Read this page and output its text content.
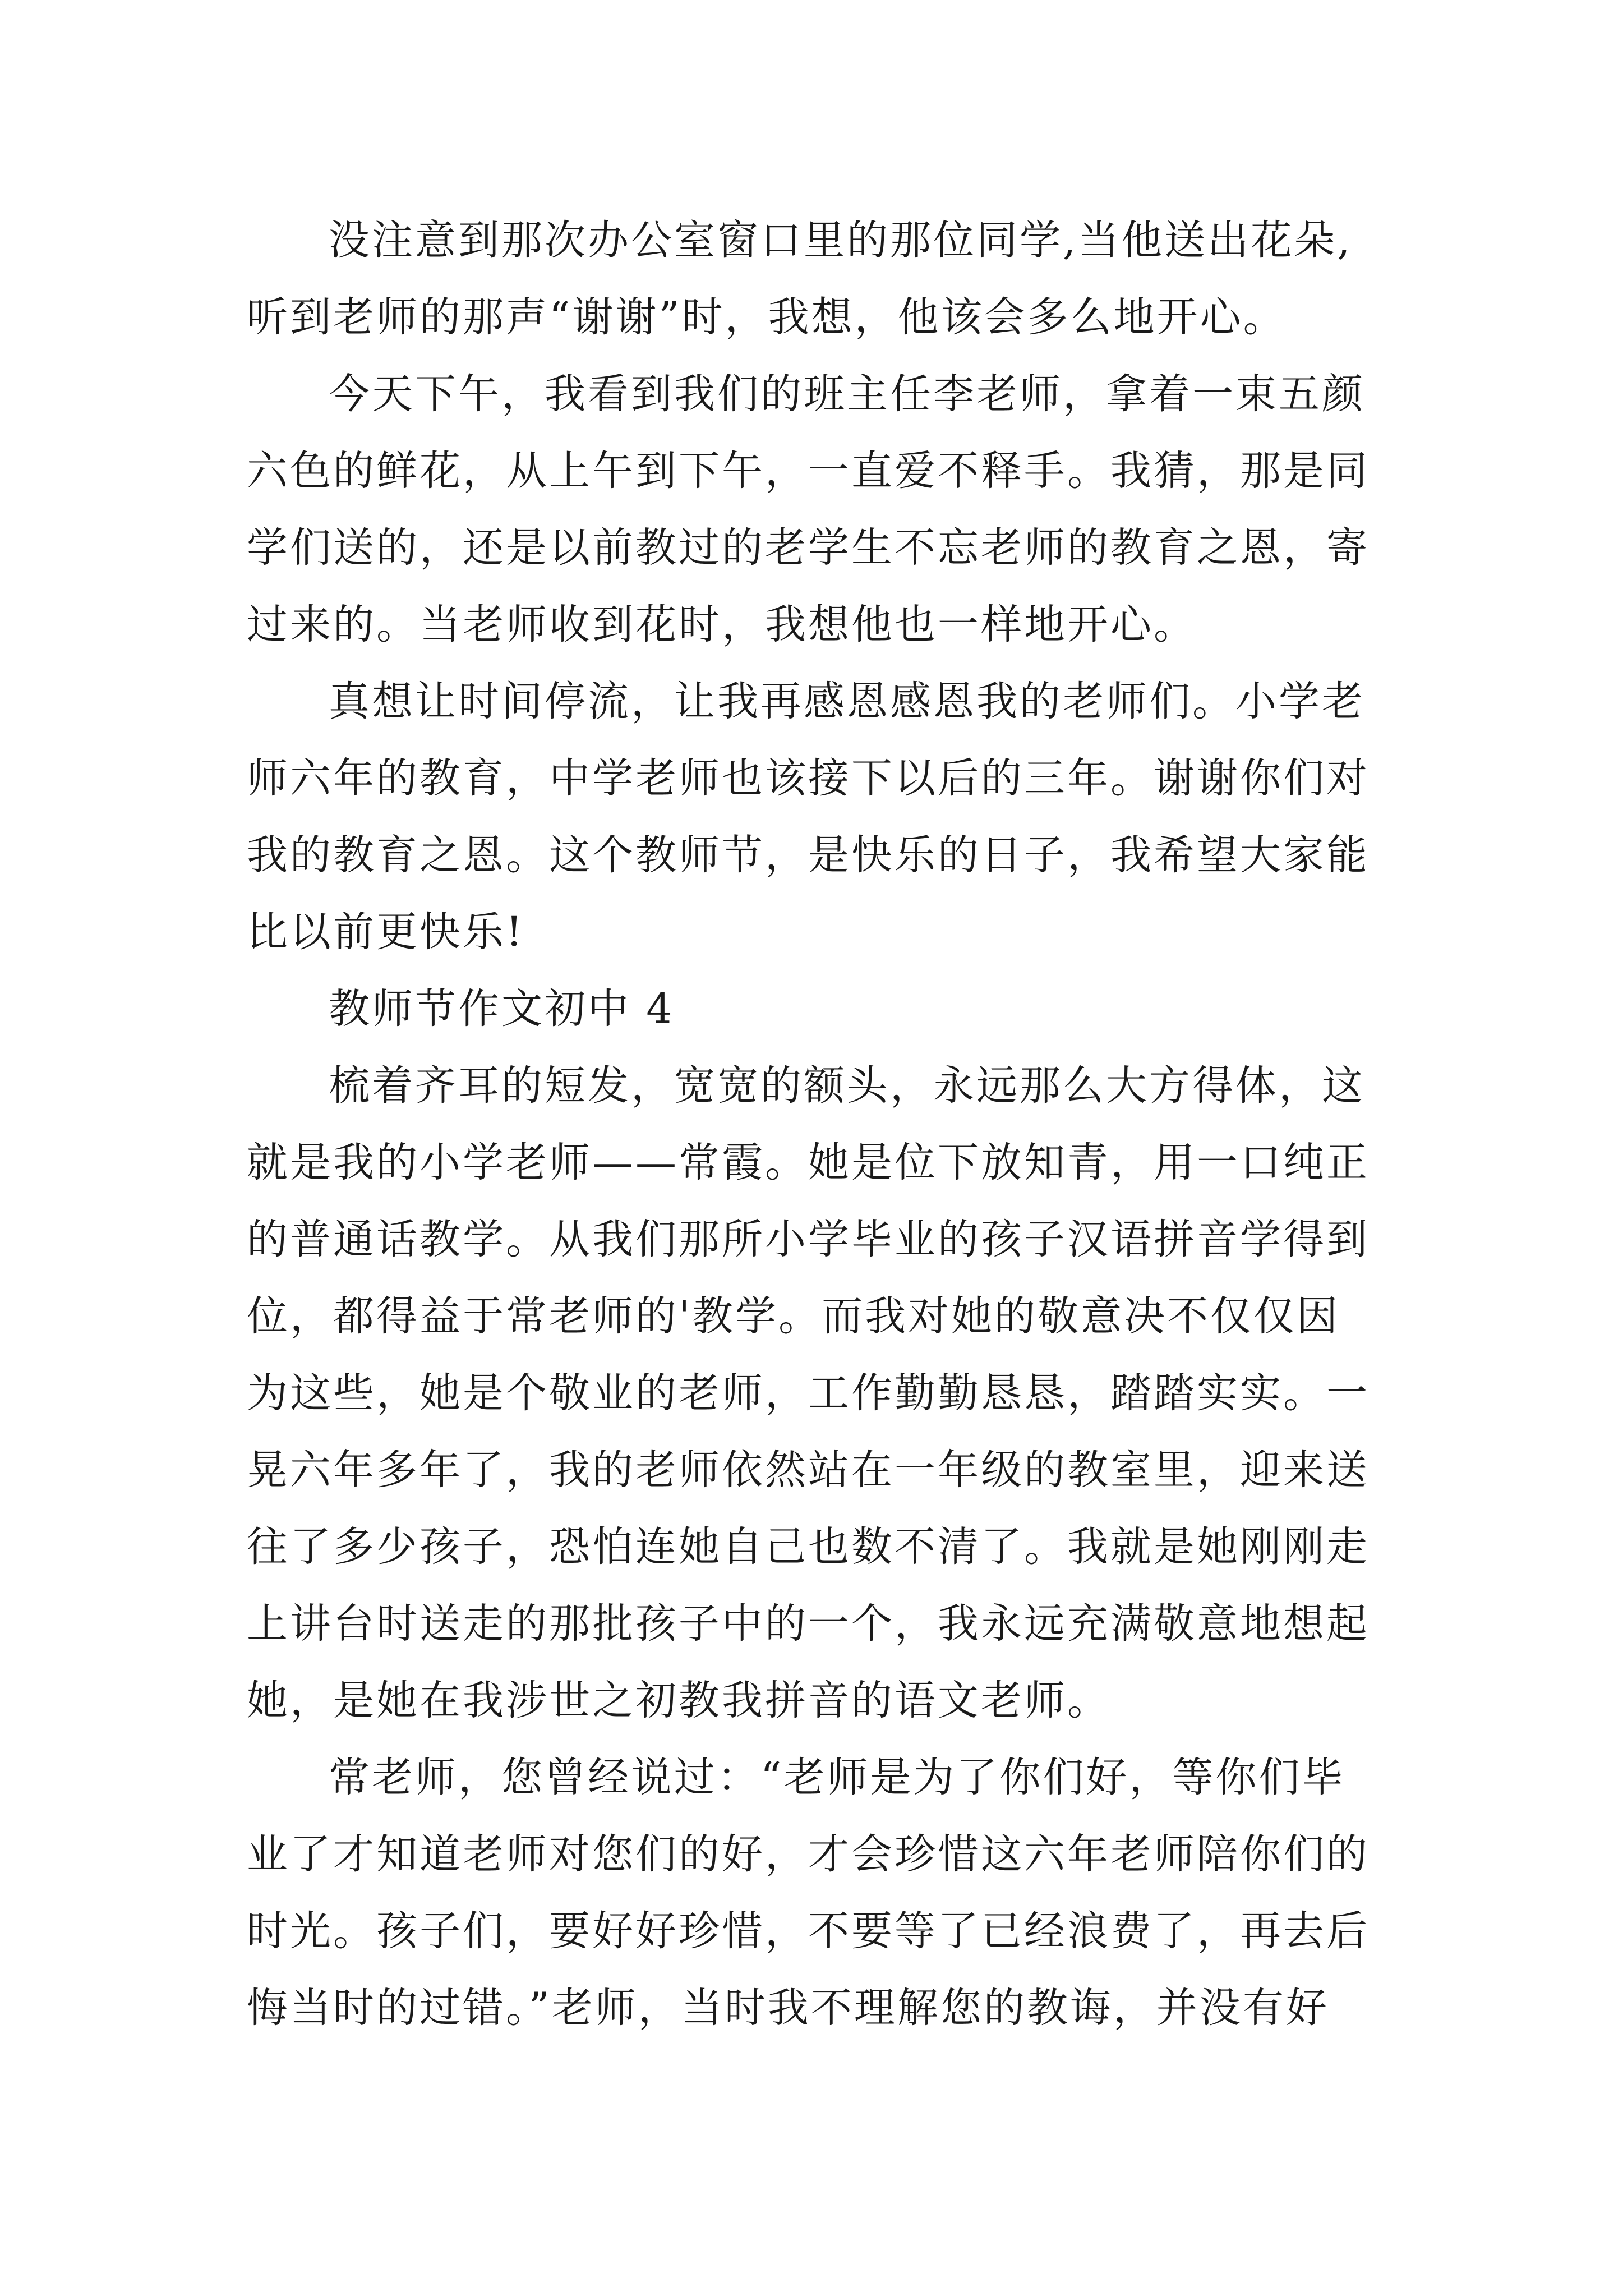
没注意到那次办公室窗口里的那位同学,当他送出花朵,
听到老师的那声“谢谢”时，我想，他该会多么地开心。
今天下午，我看到我们的班主任李老师，拿着一束五颜
六色的鲜花，从上午到下午，一直爱不释手。我猜，那是同
学们送的，还是以前教过的老学生不忘老师的教育之恩，寄
过来的。当老师收到花时，我想他也一样地开心。
真想让时间停流，让我再感恩感恩我的老师们。小学老
师六年的教育，中学老师也该接下以后的三年。谢谢你们对
我的教育之恩。这个教师节，是快乐的日子，我希望大家能
比以前更快乐!
教师节作文初中 4
梳着齐耳的短发，宽宽的额头，永远那么大方得体，这
就是我的小学老师——常霞。她是位下放知青，用一口纯正
的普通话教学。从我们那所小学毕业的孩子汉语拼音学得到
位，都得益于常老师的'教学。而我对她的敬意决不仅仅因
为这些，她是个敬业的老师，工作勤勤恳恳，踏踏实实。一
晃六年多年了，我的老师依然站在一年级的教室里，迎来送
往了多少孩子，恐怕连她自己也数不清了。我就是她刚刚走
上讲台时送走的那批孩子中的一个，我永远充满敬意地想起
她，是她在我涉世之初教我拼音的语文老师。
常老师，您曾经说过：“老师是为了你们好，等你们毕
业了才知道老师对您们的好，才会珍惜这六年老师陪你们的
时光。孩子们，要好好珍惜，不要等了已经浪费了，再去后
悔当时的过错。”老师，当时我不理解您的教诲，并没有好
